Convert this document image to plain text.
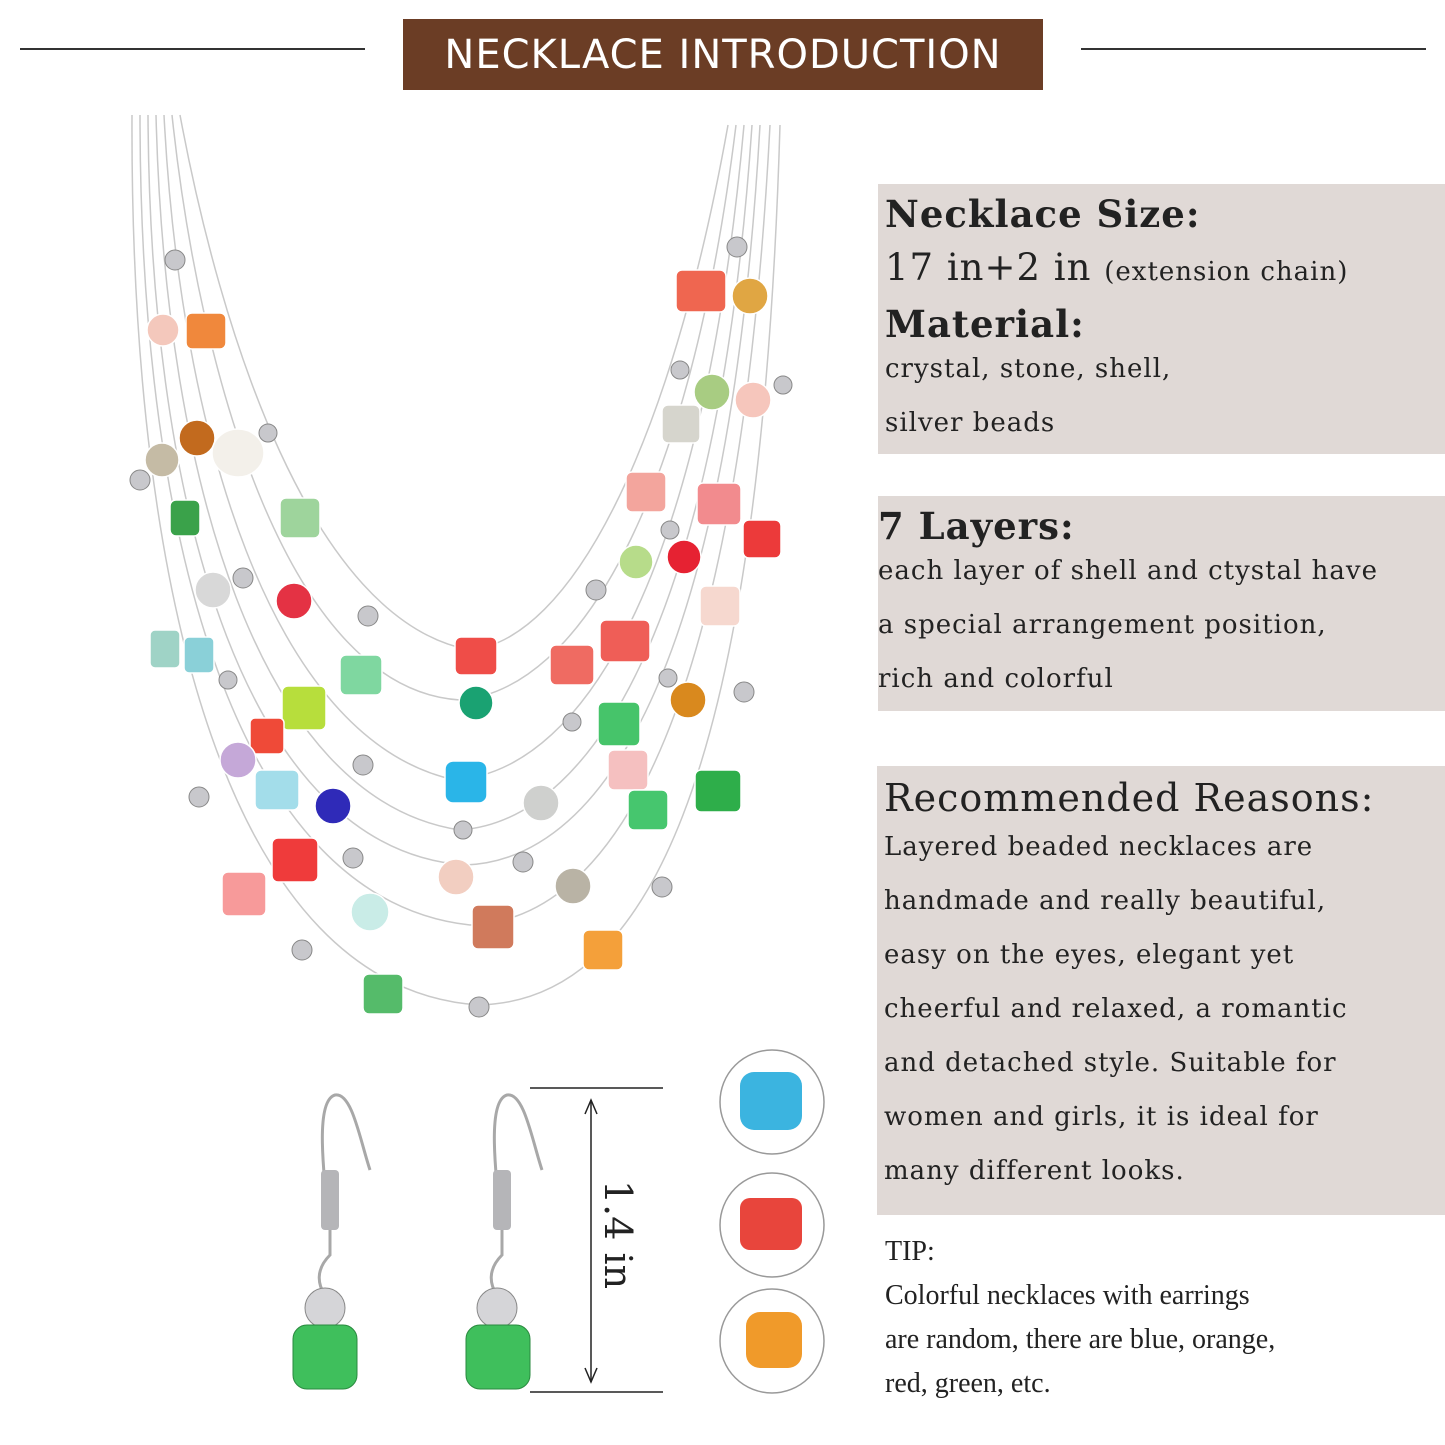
NECKLACE INTRODUCTION
1.4 in
Necklace Size:
17 in+2 in (extension chain)
Material:
crystal, stone, shell,
silver beads
7 Layers:
each layer of shell and ctystal have
a special arrangement position,
rich and colorful
Recommended Reasons:
Layered beaded necklaces are
handmade and really beautiful,
easy on the eyes, elegant yet
cheerful and relaxed, a romantic
and detached style. Suitable for
women and girls, it is ideal for
many different looks.
TIP:
Colorful necklaces with earrings
are random, there are blue, orange,
red, green, etc.
